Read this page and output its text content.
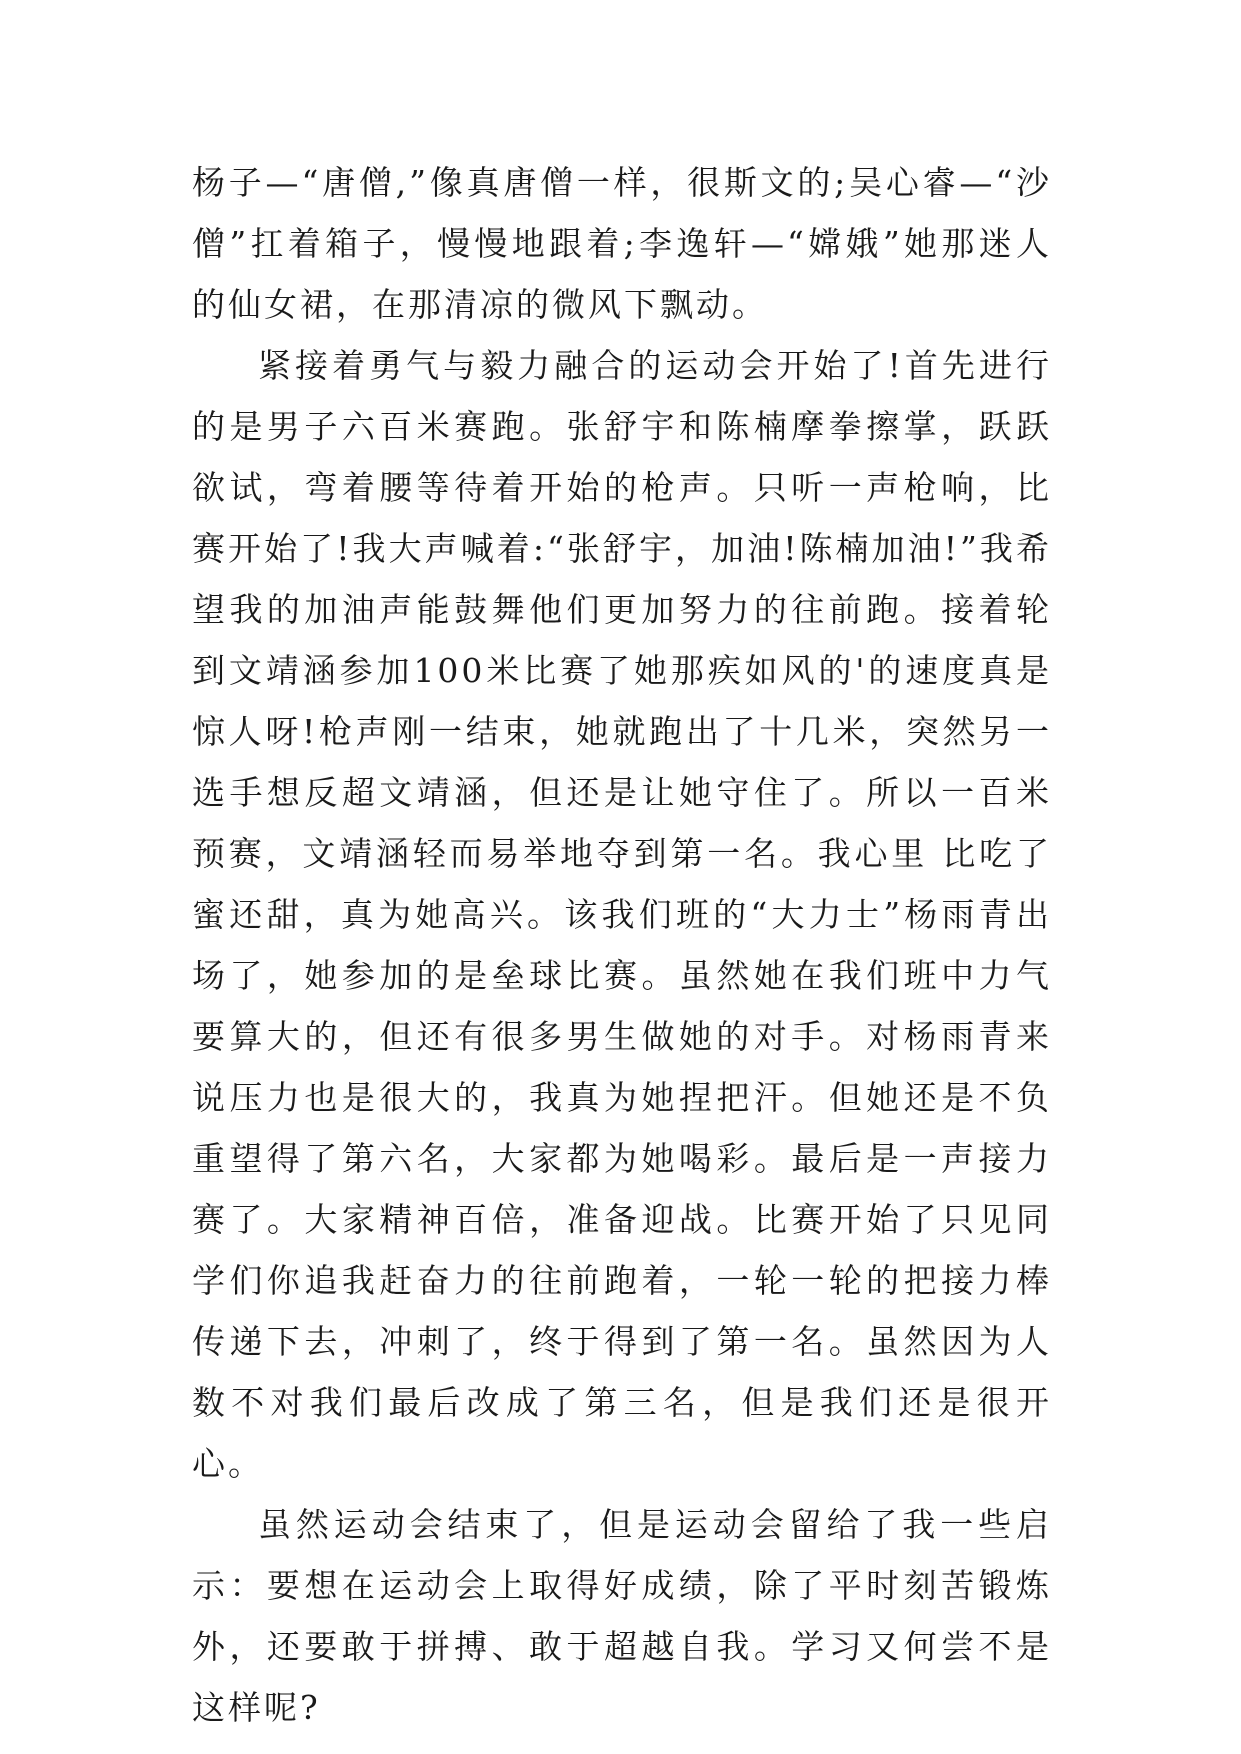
杨子—“唐僧,”像真唐僧一样，很斯文的;吴心睿—“沙僧”扛着箱子，慢慢地跟着;李逸轩—“嫦娥”她那迷人的仙女裙，在那清凉的微风下飘动。

紧接着勇气与毅力融合的运动会开始了!首先进行的是男子六百米赛跑。张舒宇和陈楠摩拳擦掌，跃跃欲试，弯着腰等待着开始的枪声。只听一声枪响，比赛开始了!我大声喊着:“张舒宇，加油!陈楠加油!”我希望我的加油声能鼓舞他们更加努力的往前跑。接着轮到文靖涵参加100米比赛了她那疾如风的'的速度真是惊人呀!枪声刚一结束，她就跑出了十几米，突然另一选手想反超文靖涵，但还是让她守住了。所以一百米预赛，文靖涵轻而易举地夺到第一名。我心里 比吃了蜜还甜，真为她高兴。该我们班的“大力士”杨雨青出场了，她参加的是垒球比赛。虽然她在我们班中力气要算大的，但还有很多男生做她的对手。对杨雨青来说压力也是很大的，我真为她捏把汗。但她还是不负重望得了第六名，大家都为她喝彩。最后是一声接力赛了。大家精神百倍，准备迎战。比赛开始了只见同学们你追我赶奋力的往前跑着，一轮一轮的把接力棒传递下去，冲刺了，终于得到了第一名。虽然因为人数不对我们最后改成了第三名，但是我们还是很开心。

虽然运动会结束了，但是运动会留给了我一些启示：要想在运动会上取得好成绩，除了平时刻苦锻炼外，还要敢于拼搏、敢于超越自我。学习又何尝不是这样呢?
